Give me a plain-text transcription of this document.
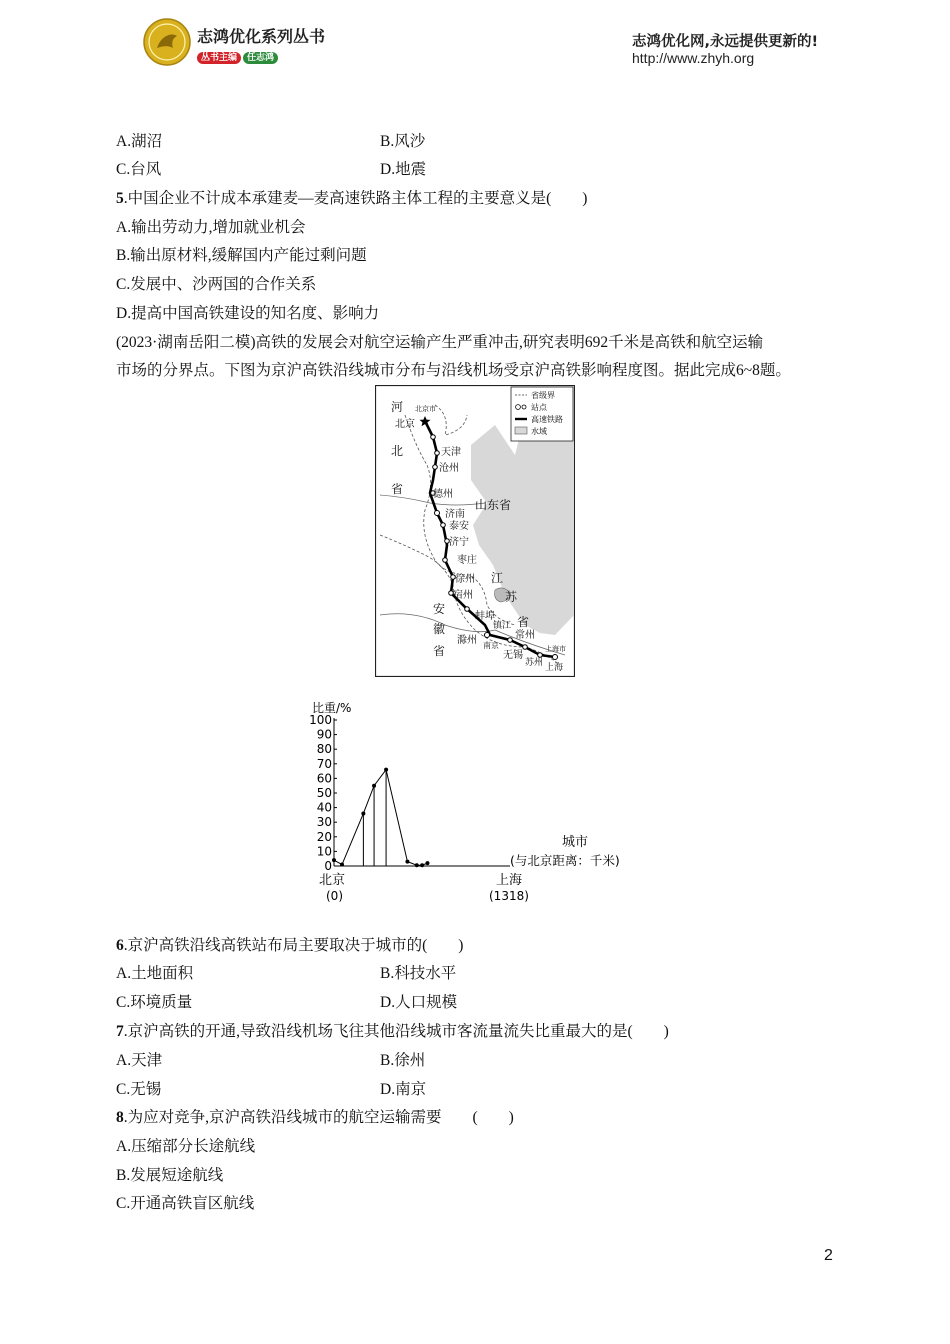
志鸿优化系列丛书
丛书主编 任志鸿
志鸿优化网,永远提供更新的!
http://www.zhyh.org
A.湖沼	B.风沙
C.台风	D.地震
5.中国企业不计成本承建麦—麦高速铁路主体工程的主要意义是(　　)
A.输出劳动力,增加就业机会
B.输出原材料,缓解国内产能过剩问题
C.发展中、沙两国的合作关系
D.提高中国高铁建设的知名度、影响力
(2023·湖南岳阳二模)高铁的发展会对航空运输产生严重冲击,研究表明692千米是高铁和航空运输
市场的分界点。下图为京沪高铁沿线城市分布与沿线机场受京沪高铁影响程度图。据此完成6~8题。
省级界
站点
高速铁路
水域
河
北
省
山东省
江
苏
省
安
徽
省
北京市
北京
天津
沧州
德州
济南
泰安
济宁
枣庄
徐州
宿州
蚌埠
滁州 南京
镇江
常州
无锡
苏州
上海市
上海
比重/%
0
10
20
30
40
50
60
70
80
90
100
城市
(与北京距离：千米)
北京
(0)
上海
(1318)
6.京沪高铁沿线高铁站布局主要取决于城市的(　　)
A.土地面积	B.科技水平
C.环境质量	D.人口规模
7.京沪高铁的开通,导致沿线机场飞往其他沿线城市客流量流失比重最大的是(　　)
A.天津	B.徐州
C.无锡	D.南京
8.为应对竞争,京沪高铁沿线城市的航空运输需要　　(　　)
A.压缩部分长途航线
B.发展短途航线
C.开通高铁盲区航线
2
